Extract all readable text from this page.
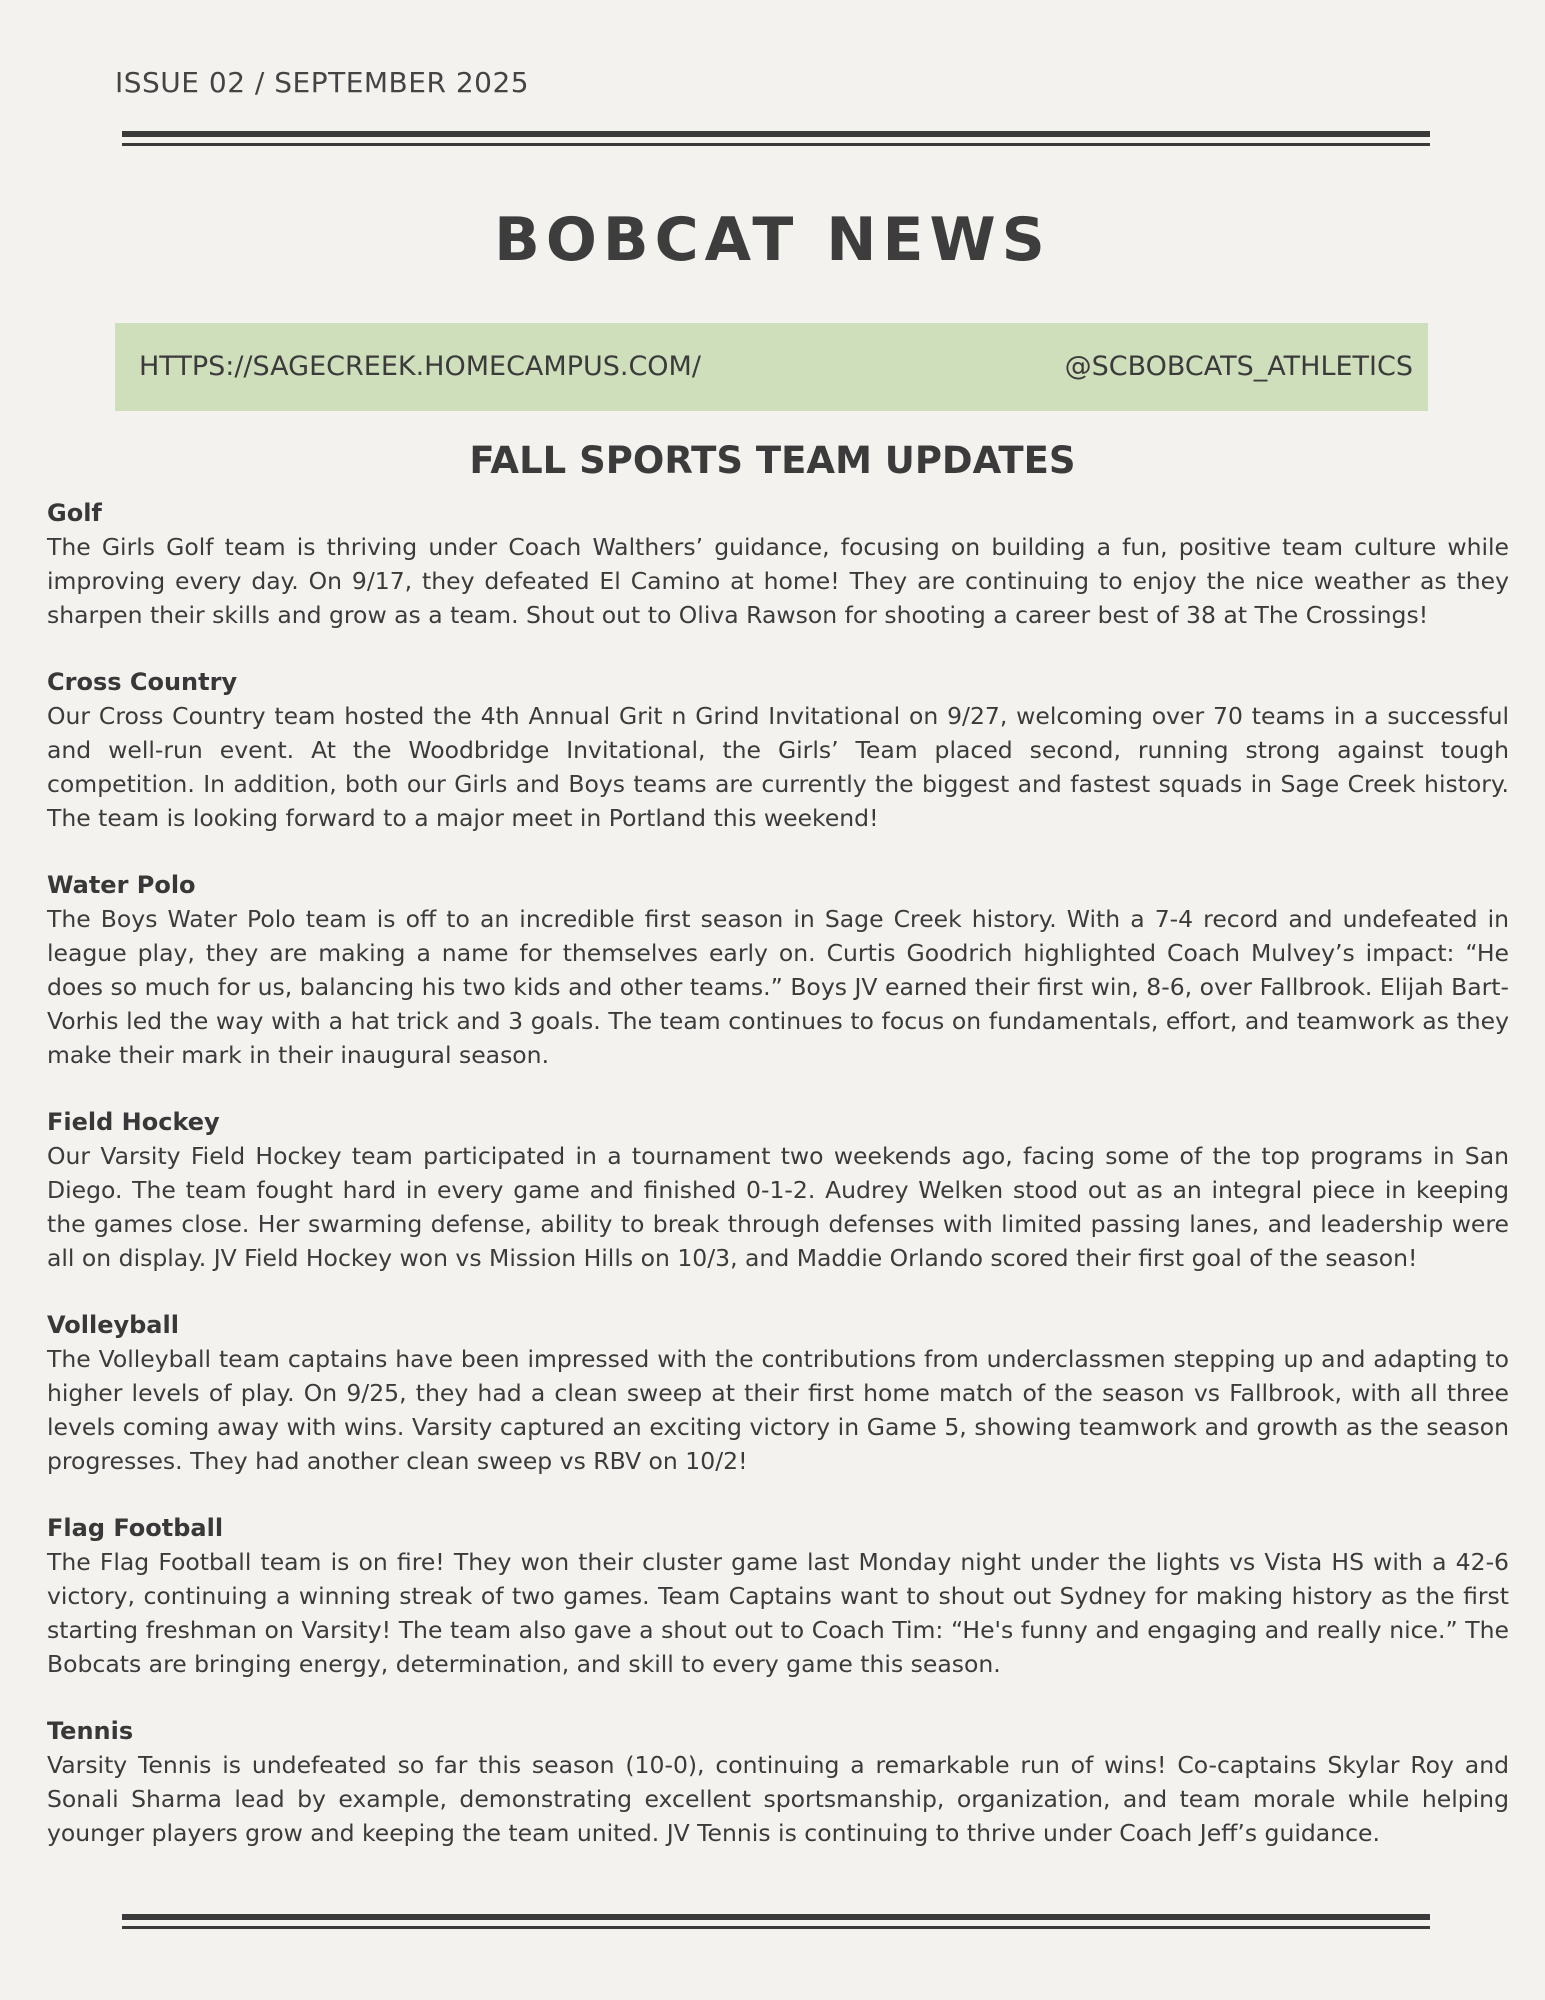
ISSUE 02 / SEPTEMBER 2025
BOBCAT NEWS
HTTPS://SAGECREEK.HOMECAMPUS.COM/	@SCBOBCATS_ATHLETICS
FALL SPORTS TEAM UPDATES
Golf

The Girls Golf team is thriving under Coach Walthers’ guidance, focusing on building a fun, positive team culture while improving every day. On 9/17, they defeated El Camino at home! They are continuing to enjoy the nice weather as they sharpen their skills and grow as a team. Shout out to Oliva Rawson for shooting a career best of 38 at The Crossings!

Cross Country

Our Cross Country team hosted the 4th Annual Grit n Grind Invitational on 9/27, welcoming over 70 teams in a successful and well-run event. At the Woodbridge Invitational, the Girls’ Team placed second, running strong against tough competition. In addition, both our Girls and Boys teams are currently the biggest and fastest squads in Sage Creek history. The team is looking forward to a major meet in Portland this weekend!

Water Polo

The Boys Water Polo team is off to an incredible first season in Sage Creek history. With a 7-4 record and undefeated in league play, they are making a name for themselves early on. Curtis Goodrich highlighted Coach Mulvey’s impact: “He does so much for us, balancing his two kids and other teams.” Boys JV earned their first win, 8-6, over Fallbrook. Elijah Bart-Vorhis led the way with a hat trick and 3 goals. The team continues to focus on fundamentals, effort, and teamwork as they make their mark in their inaugural season.

Field Hockey

Our Varsity Field Hockey team participated in a tournament two weekends ago, facing some of the top programs in San Diego. The team fought hard in every game and finished 0-1-2. Audrey Welken stood out as an integral piece in keeping the games close. Her swarming defense, ability to break through defenses with limited passing lanes, and leadership were all on display. JV Field Hockey won vs Mission Hills on 10/3, and Maddie Orlando scored their first goal of the season!

Volleyball

The Volleyball team captains have been impressed with the contributions from underclassmen stepping up and adapting to higher levels of play. On 9/25, they had a clean sweep at their first home match of the season vs Fallbrook, with all three levels coming away with wins. Varsity captured an exciting victory in Game 5, showing teamwork and growth as the season progresses. They had another clean sweep vs RBV on 10/2!

Flag Football

The Flag Football team is on fire! They won their cluster game last Monday night under the lights vs Vista HS with a 42-6 victory, continuing a winning streak of two games. Team Captains want to shout out Sydney for making history as the first starting freshman on Varsity! The team also gave a shout out to Coach Tim: “He's funny and engaging and really nice.” The Bobcats are bringing energy, determination, and skill to every game this season.

Tennis

Varsity Tennis is undefeated so far this season (10-0), continuing a remarkable run of wins! Co-captains Skylar Roy and Sonali Sharma lead by example, demonstrating excellent sportsmanship, organization, and team morale while helping younger players grow and keeping the team united. JV Tennis is continuing to thrive under Coach Jeff’s guidance.
